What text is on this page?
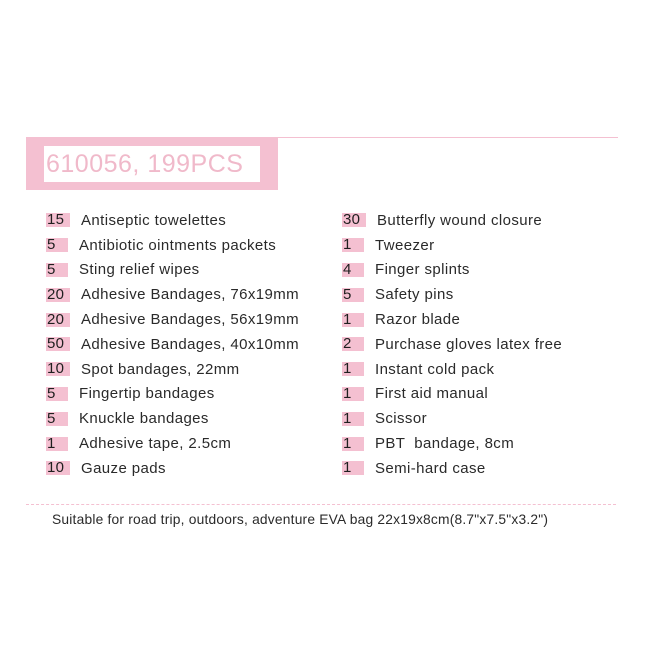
610056, 199PCS
15	Antiseptic towelettes
5	Antibiotic ointments packets
5	Sting relief wipes
20	Adhesive Bandages, 76x19mm
20	Adhesive Bandages, 56x19mm
50	Adhesive Bandages, 40x10mm
10	Spot bandages, 22mm
5	Fingertip bandages
5	Knuckle bandages
1	Adhesive tape, 2.5cm
10	Gauze pads
30	Butterfly wound closure
1	Tweezer
4	Finger splints
5	Safety pins
1	Razor blade
2	Purchase gloves latex free
1	Instant cold pack
1	First aid manual
1	Scissor
1	PBT  bandage, 8cm
1	Semi-hard case
Suitable for road trip, outdoors, adventure EVA bag 22x19x8cm(8.7"x7.5"x3.2")
